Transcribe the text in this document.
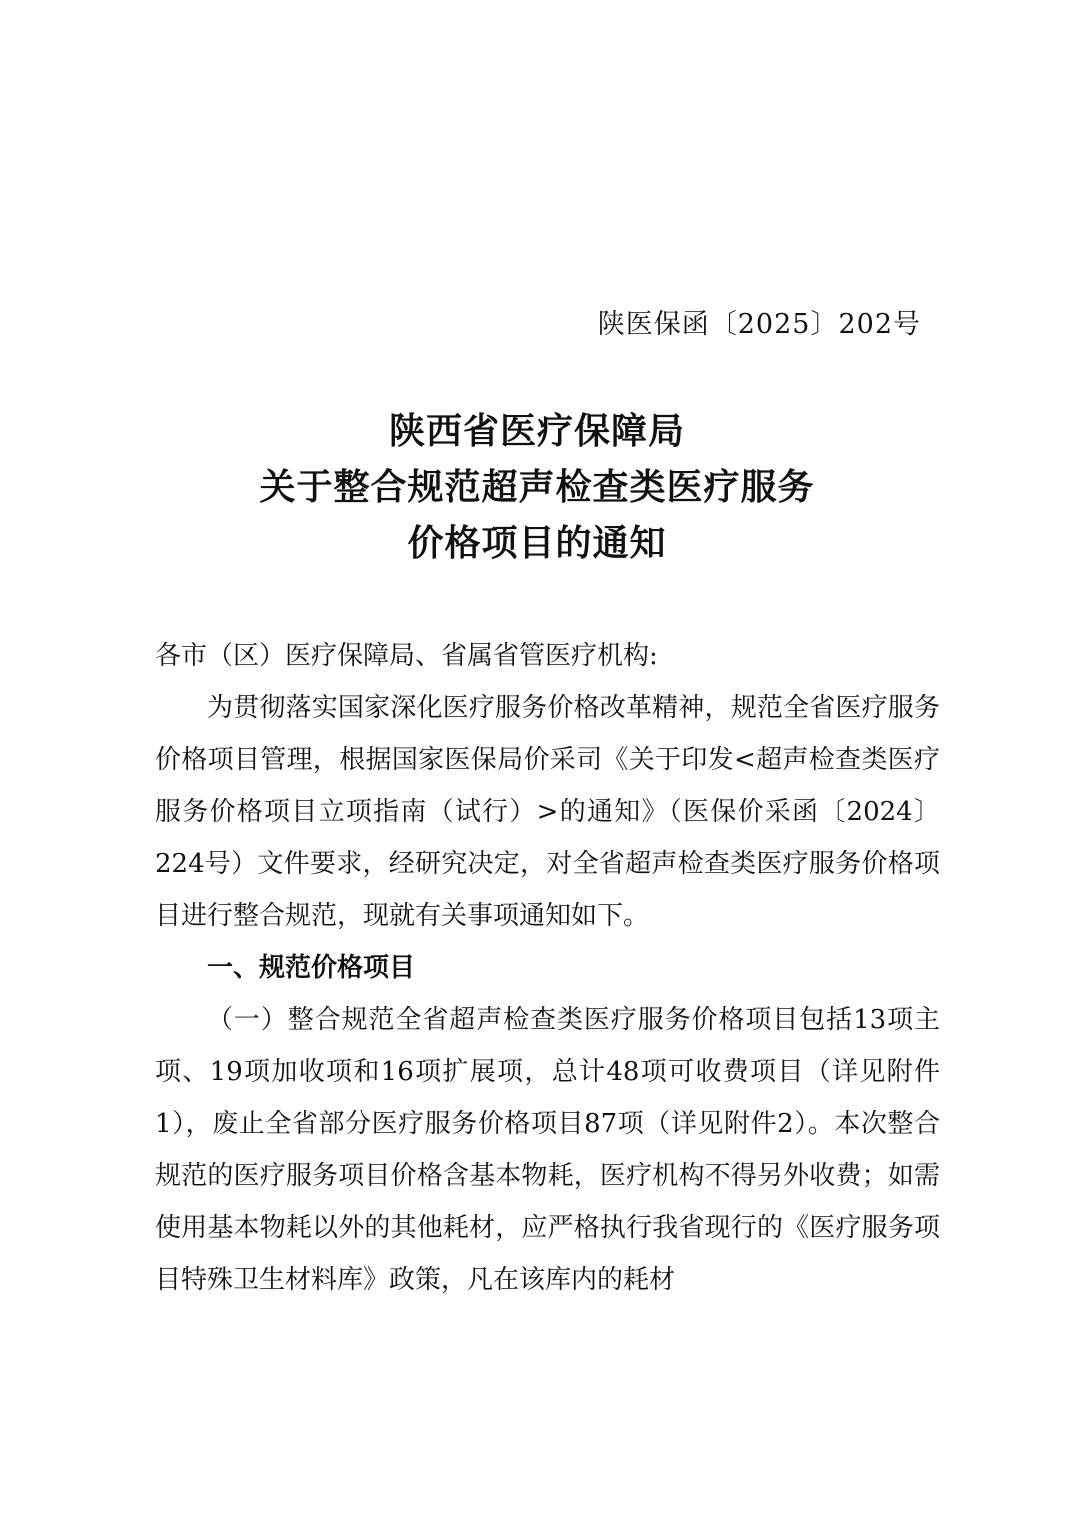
陕医保函〔2025〕202号
陕西省医疗保障局
关于整合规范超声检查类医疗服务
价格项目的通知

各市（区）医疗保障局、省属省管医疗机构:

为贯彻落实国家深化医疗服务价格改革精神，规范全省医疗服务价格项目管理，根据国家医保局价采司《关于印发<超声检查类医疗服务价格项目立项指南（试行）>的通知》（医保价采函〔2024〕224号）文件要求，经研究决定，对全省超声检查类医疗服务价格项目进行整合规范，现就有关事项通知如下。

一、规范价格项目

（一）整合规范全省超声检查类医疗服务价格项目包括13项主项、19项加收项和16项扩展项，总计48项可收费项目（详见附件1），废止全省部分医疗服务价格项目87项（详见附件2）。本次整合规范的医疗服务项目价格含基本物耗，医疗机构不得另外收费；如需使用基本物耗以外的其他耗材，应严格执行我省现行的《医疗服务项目特殊卫生材料库》政策，凡在该库内的耗材
